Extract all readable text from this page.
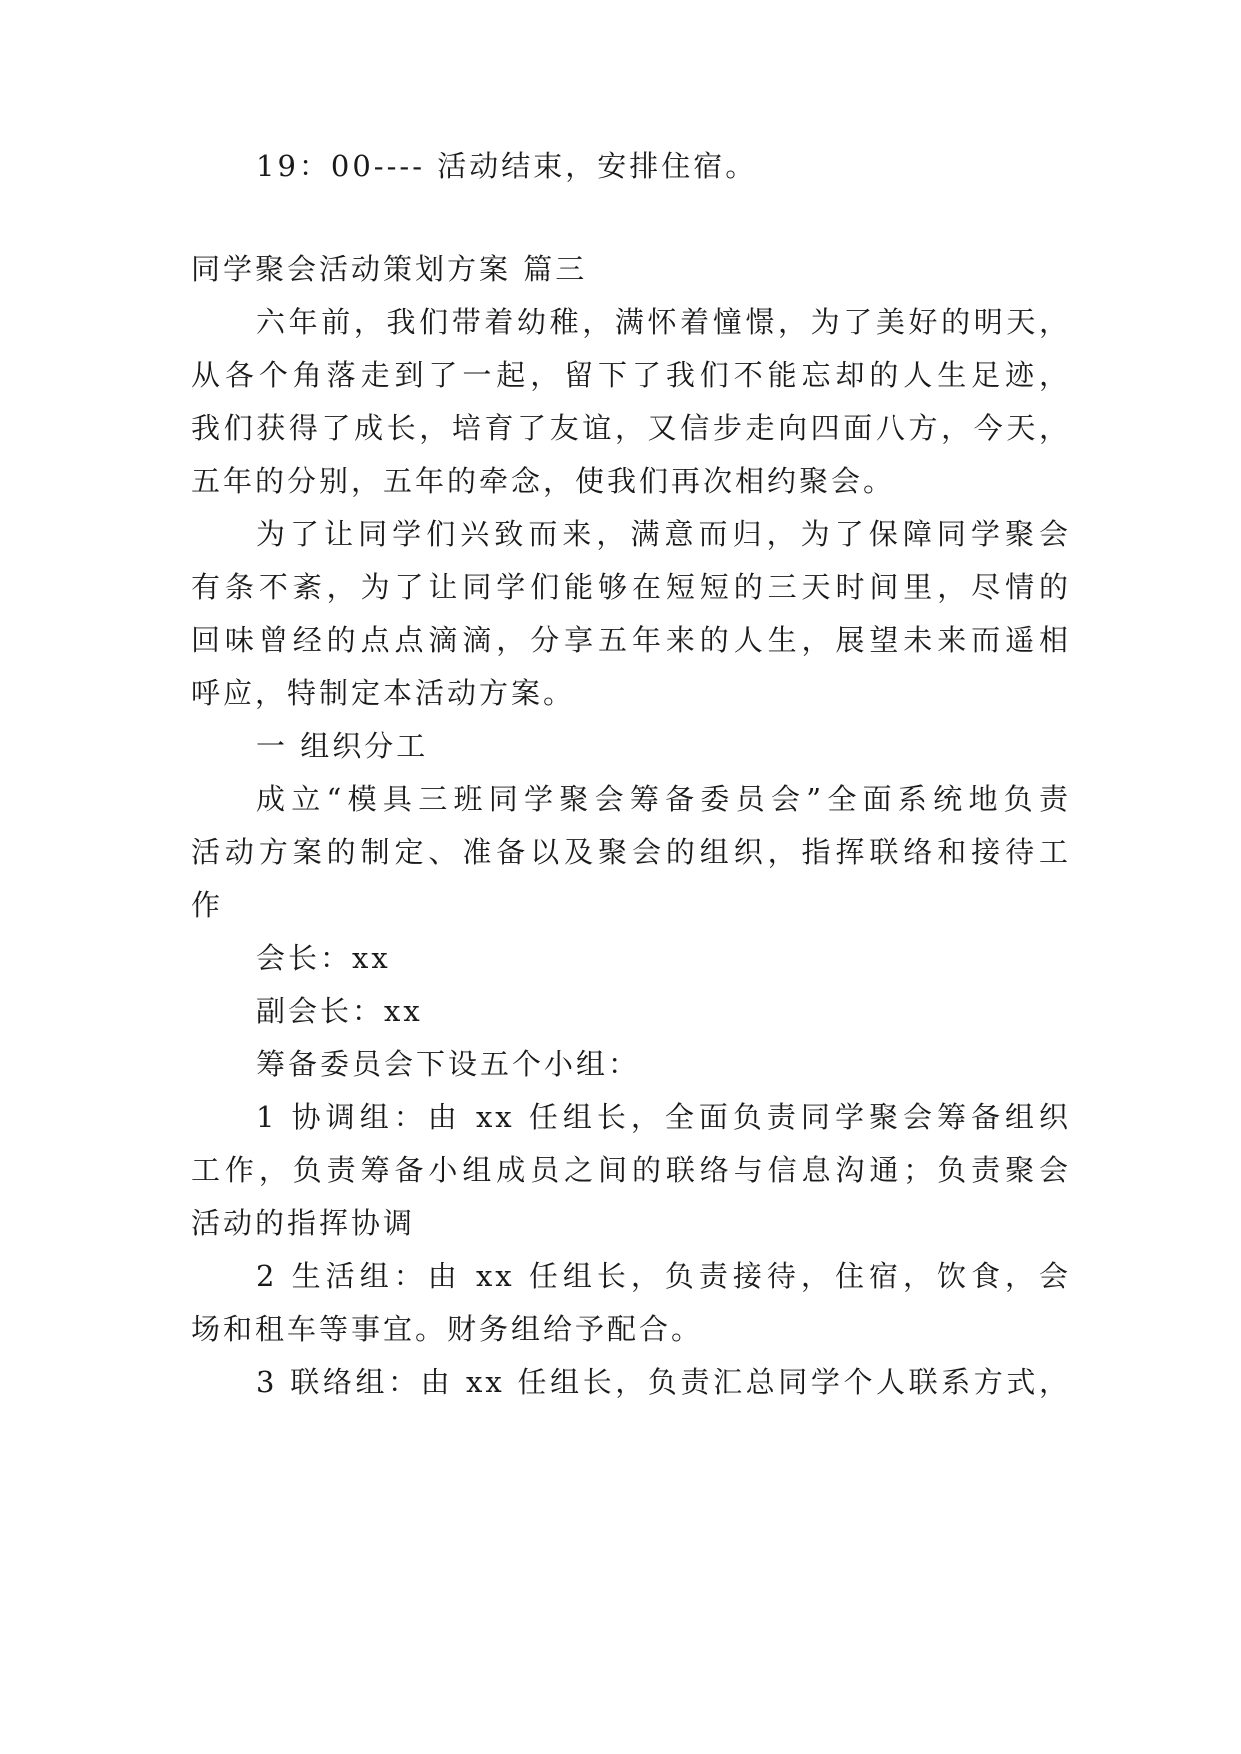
19：00---- 活动结束，安排住宿。
同学聚会活动策划方案 篇三
六年前，我们带着幼稚，满怀着憧憬，为了美好的明天，
从各个角落走到了一起，留下了我们不能忘却的人生足迹，
我们获得了成长，培育了友谊，又信步走向四面八方，今天，
五年的分别，五年的牵念，使我们再次相约聚会。
为了让同学们兴致而来，满意而归，为了保障同学聚会
有条不紊，为了让同学们能够在短短的三天时间里，尽情的
回味曾经的点点滴滴，分享五年来的人生，展望未来而遥相
呼应，特制定本活动方案。
一 组织分工
成立“模具三班同学聚会筹备委员会”全面系统地负责
活动方案的制定、准备以及聚会的组织，指挥联络和接待工
作
会长：xx
副会长：xx
筹备委员会下设五个小组：
1 协调组：由 xx 任组长，全面负责同学聚会筹备组织
工作，负责筹备小组成员之间的联络与信息沟通；负责聚会
活动的指挥协调
2 生活组：由 xx 任组长，负责接待，住宿，饮食，会
场和租车等事宜。财务组给予配合。
3 联络组：由 xx 任组长，负责汇总同学个人联系方式，
